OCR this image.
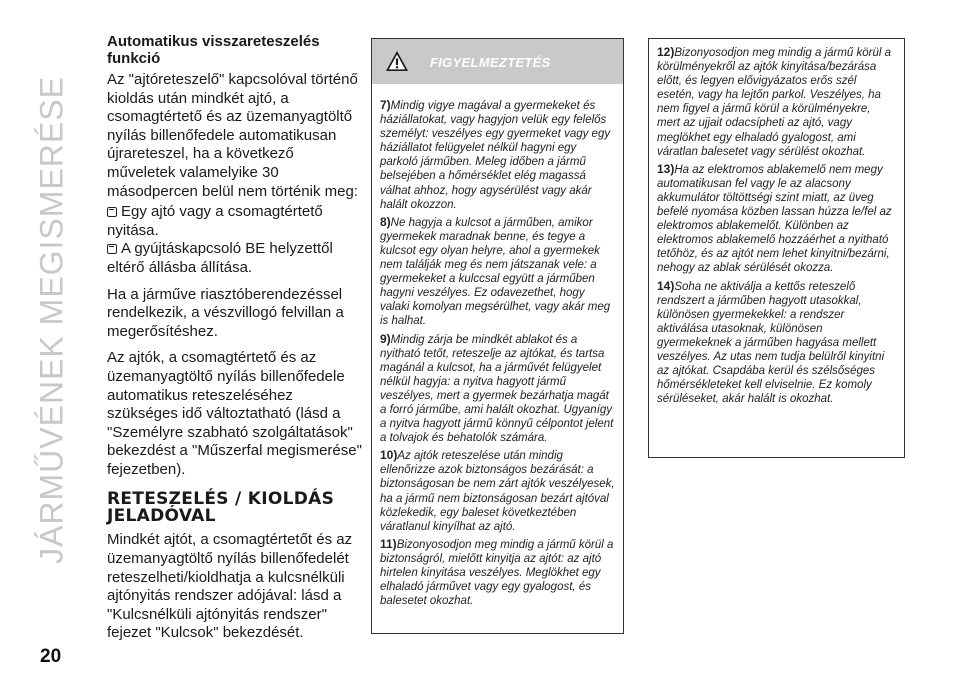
JÁRMŰVÉNEK MEGISMERÉSE
Automatikus visszareteszelés funkció

Az "ajtóreteszelő" kapcsolóval történő kioldás után mindkét ajtó, a csomagtértető és az üzemanyagtöltő nyílás billenőfedele automatikusan újrareteszel, ha a következő műveletek valamelyike 30 másodpercen belül nem történik meg:

Egy ajtó vagy a csomagtértető nyitása.

A gyújtáskapcsoló BE helyzettől eltérő állásba állítása.

Ha a járműve riasztóberendezéssel rendelkezik, a vészvillogó felvillan a megerősítéshez.

Az ajtók, a csomagtértető és az üzemanyagtöltő nyílás billenőfedele automatikus reteszeléséhez szükséges idő változtatható (lásd a "Személyre szabható szolgáltatások" bekezdést a "Műszerfal megismerése" fejezetben).

RETESZELÉS / KIOLDÁS JELADÓVAL

Mindkét ajtót, a csomagtértetőt és az üzemanyagtöltő nyílás billenőfedelét reteszelheti/kioldhatja a kulcsnélküli ajtónyitás rendszer adójával: lásd a "Kulcsnélküli ajtónyitás rendszer" fejezet "Kulcsok" bekezdését.

FIGYELMEZTETÉS

7)Mindig vigye magával a gyermekeket és háziállatokat, vagy hagyjon velük egy felelős személyt: veszélyes egy gyermeket vagy egy háziállatot felügyelet nélkül hagyni egy parkoló járműben. Meleg időben a jármű belsejében a hőmérséklet elég magassá válhat ahhoz, hogy agysérülést vagy akár halált okozzon.

8)Ne hagyja a kulcsot a járműben, amikor gyermekek maradnak benne, és tegye a kulcsot egy olyan helyre, ahol a gyermekek nem találják meg és nem játszanak vele: a gyermekeket a kulccsal együtt a járműben hagyni veszélyes. Ez odavezethet, hogy valaki komolyan megsérülhet, vagy akár meg is halhat.

9)Mindig zárja be mindkét ablakot és a nyitható tetőt, reteszelje az ajtókat, és tartsa magánál a kulcsot, ha a járművét felügyelet nélkül hagyja: a nyitva hagyott jármű veszélyes, mert a gyermek bezárhatja magát a forró járműbe, ami halált okozhat. Ugyanígy a nyitva hagyott jármű könnyű célpontot jelent a tolvajok és behatolók számára.

10)Az ajtók reteszelése után mindig ellenőrizze azok biztonságos bezárását: a biztonságosan be nem zárt ajtók veszélyesek, ha a jármű nem biztonságosan bezárt ajtóval közlekedik, egy baleset következtében váratlanul kinyílhat az ajtó.

11)Bizonyosodjon meg mindig a jármű körül a biztonságról, mielőtt kinyitja az ajtót: az ajtó hirtelen kinyitása veszélyes. Meglökhet egy elhaladó járművet vagy egy gyalogost, és balesetet okozhat.

12)Bizonyosodjon meg mindig a jármű körül a körülményekről az ajtók kinyitása/bezárása előtt, és legyen elővigyázatos erős szél esetén, vagy ha lejtőn parkol. Veszélyes, ha nem figyel a jármű körül a körülményekre, mert az ujjait odacsípheti az ajtó, vagy meglökhet egy elhaladó gyalogost, ami váratlan balesetet vagy sérülést okozhat.

13)Ha az elektromos ablakemelő nem megy automatikusan fel vagy le az alacsony akkumulátor töltöttségi szint miatt, az üveg befelé nyomása közben lassan húzza le/fel az elektromos ablakemelőt. Különben az elektromos ablakemelő hozzáérhet a nyitható tetőhöz, és az ajtót nem lehet kinyitni/bezárni, nehogy az ablak sérülését okozza.

14)Soha ne aktiválja a kettős reteszelő rendszert a járműben hagyott utasokkal, különösen gyermekekkel: a rendszer aktiválása utasoknak, különösen gyermekeknek a járműben hagyása mellett veszélyes. Az utas nem tudja belülről kinyitni az ajtókat. Csapdába kerül és szélsőséges hőmérsékleteket kell elviselnie. Ez komoly sérüléseket, akár halált is okozhat.

20
